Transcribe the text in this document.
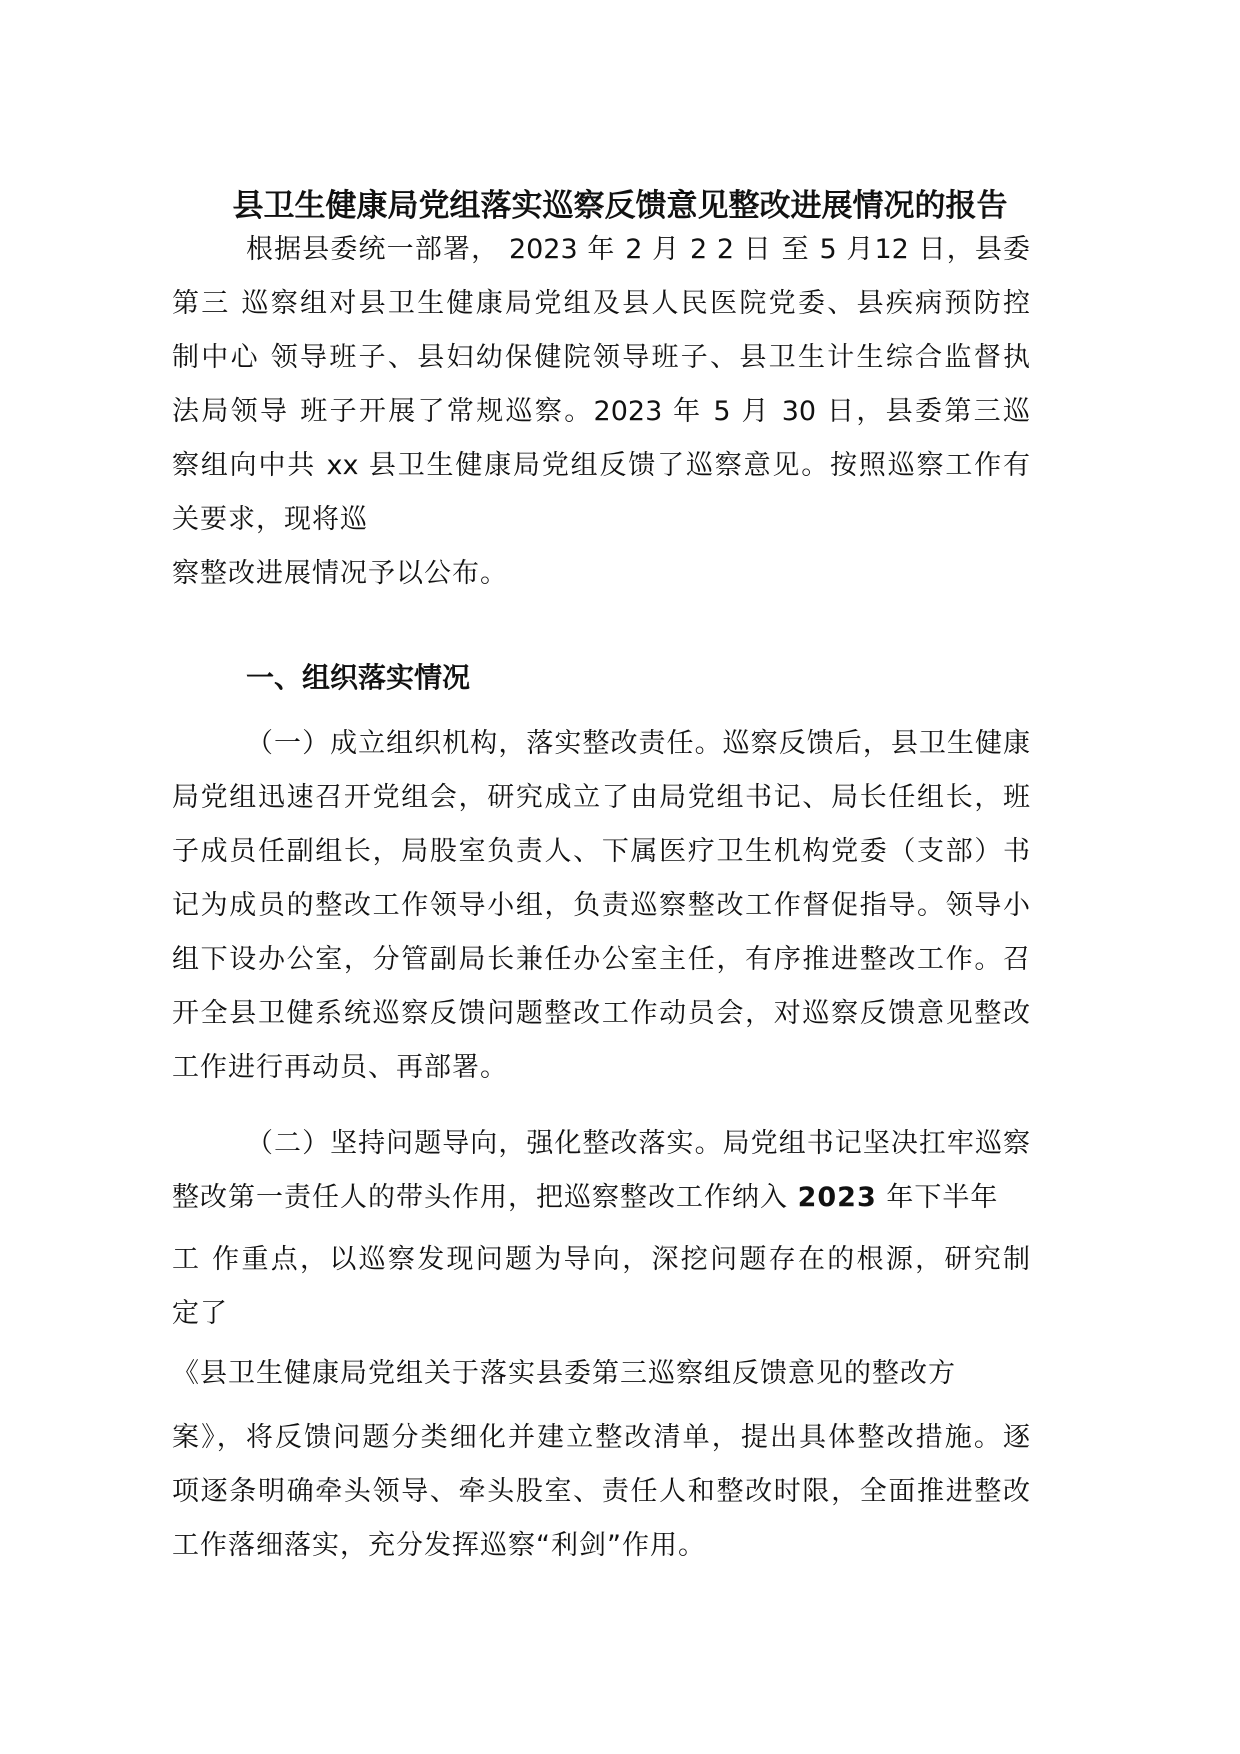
县卫生健康局党组落实巡察反馈意见整改进展情况的报告
根据县委统一部署， 2023 年 2 月 2 2 日 至 5 月12 日，县委
第三 巡察组对县卫生健康局党组及县人民医院党委、县疾病预防控
制中心 领导班子、县妇幼保健院领导班子、县卫生计生综合监督执
法局领导 班子开展了常规巡察。2023 年 5 月 30 日，县委第三巡
察组向中共 xx 县卫生健康局党组反馈了巡察意见。按照巡察工作有
关要求，现将巡
察整改进展情况予以公布。
一、组织落实情况
（一）成立组织机构，落实整改责任。巡察反馈后，县卫生健康
局党组迅速召开党组会，研究成立了由局党组书记、局长任组长，班
子成员任副组长，局股室负责人、下属医疗卫生机构党委（支部）书
记为成员的整改工作领导小组，负责巡察整改工作督促指导。领导小
组下设办公室，分管副局长兼任办公室主任，有序推进整改工作。召
开全县卫健系统巡察反馈问题整改工作动员会，对巡察反馈意见整改
工作进行再动员、再部署。
（二）坚持问题导向，强化整改落实。局党组书记坚决扛牢巡察
整改第一责任人的带头作用，把巡察整改工作纳入 2023 年下半年
工 作重点，以巡察发现问题为导向，深挖问题存在的根源，研究制
定了
《县卫生健康局党组关于落实县委第三巡察组反馈意见的整改方
案》，将反馈问题分类细化并建立整改清单，提出具体整改措施。逐
项逐条明确牵头领导、牵头股室、责任人和整改时限，全面推进整改
工作落细落实，充分发挥巡察“利剑”作用。
